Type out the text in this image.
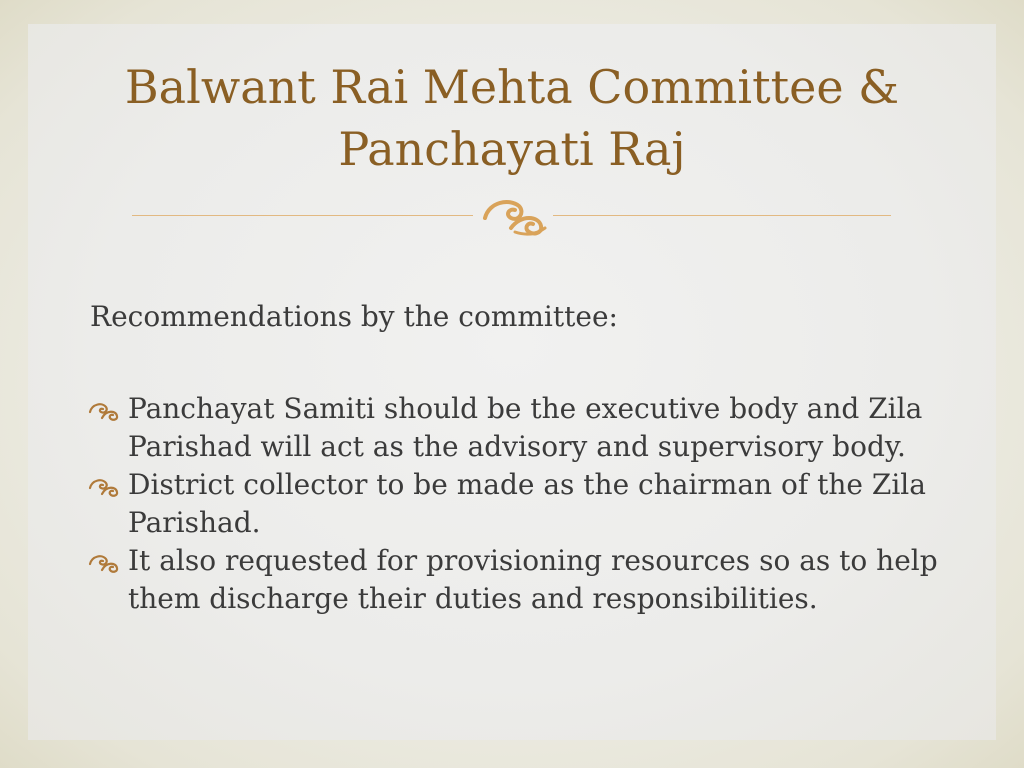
Balwant Rai Mehta Committee &
Panchayati Raj

Recommendations by the committee:

Panchayat Samiti should be the executive body and Zila Parishad will act as the advisory and supervisory body.
District collector to be made as the chairman of the Zila Parishad.
It also requested for provisioning resources so as to help them discharge their duties and responsibilities.
